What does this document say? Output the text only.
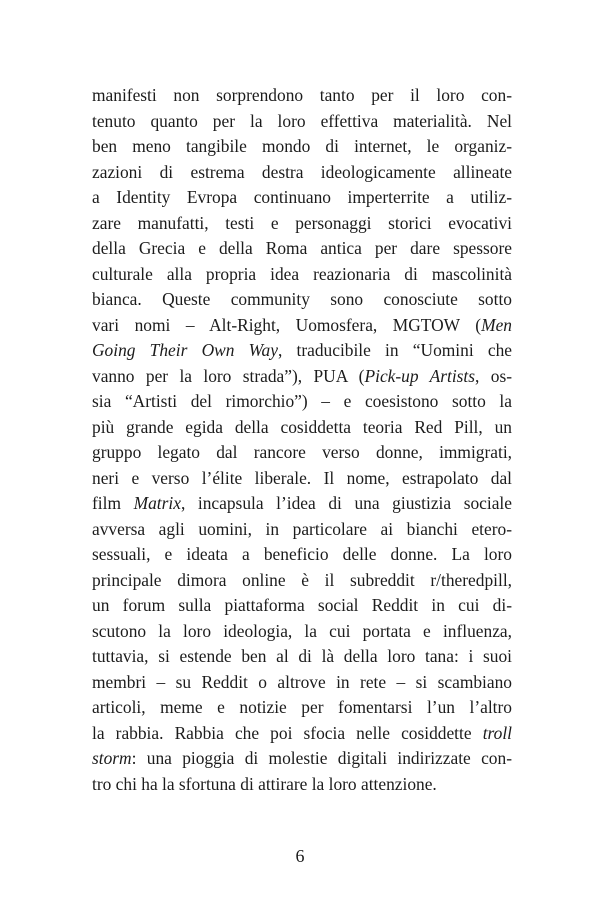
manifesti non sorprendono tanto per il loro con-
tenuto quanto per la loro effettiva materialità. Nel
ben meno tangibile mondo di internet, le organiz-
zazioni di estrema destra ideologicamente allineate
a Identity Evropa continuano imperterrite a utiliz-
zare manufatti, testi e personaggi storici evocativi
della Grecia e della Roma antica per dare spessore
culturale alla propria idea reazionaria di mascolinità
bianca. Queste community sono conosciute sotto
vari nomi – Alt-Right, Uomosfera, MGTOW (Men
Going Their Own Way, traducibile in “Uomini che
vanno per la loro strada”), PUA (Pick-up Artists, os-
sia “Artisti del rimorchio”) – e coesistono sotto la
più grande egida della cosiddetta teoria Red Pill, un
gruppo legato dal rancore verso donne, immigrati,
neri e verso l’élite liberale. Il nome, estrapolato dal
film Matrix, incapsula l’idea di una giustizia sociale
avversa agli uomini, in particolare ai bianchi etero-
sessuali, e ideata a beneficio delle donne. La loro
principale dimora online è il subreddit r/theredpill,
un forum sulla piattaforma social Reddit in cui di-
scutono la loro ideologia, la cui portata e influenza,
tuttavia, si estende ben al di là della loro tana: i suoi
membri – su Reddit o altrove in rete – si scambiano
articoli, meme e notizie per fomentarsi l’un l’altro
la rabbia. Rabbia che poi sfocia nelle cosiddette troll
storm: una pioggia di molestie digitali indirizzate con-
tro chi ha la sfortuna di attirare la loro attenzione.
6
